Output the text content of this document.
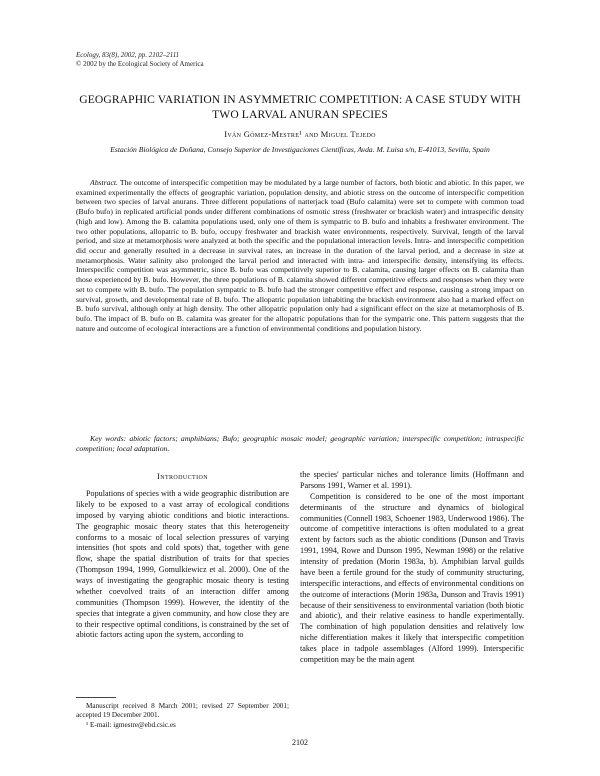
Ecology, 83(8), 2002, pp. 2102–2111
© 2002 by the Ecological Society of America
GEOGRAPHIC VARIATION IN ASYMMETRIC COMPETITION: A CASE STUDY WITH TWO LARVAL ANURAN SPECIES
Iván Gómez-Mestre¹ and Miguel Tejedo
Estación Biológica de Doñana, Consejo Superior de Investigaciones Científicas, Avda. M. Luisa s/n, E-41013, Sevilla, Spain
Abstract. The outcome of interspecific competition may be modulated by a large number of factors, both biotic and abiotic. In this paper, we examined experimentally the effects of geographic variation, population density, and abiotic stress on the outcome of interspecific competition between two species of larval anurans. Three different populations of natterjack toad (Bufo calamita) were set to compete with common toad (Bufo bufo) in replicated artificial ponds under different combinations of osmotic stress (freshwater or brackish water) and intraspecific density (high and low). Among the B. calamita populations used, only one of them is sympatric to B. bufo and inhabits a freshwater environment. The two other populations, allopatric to B. bufo, occupy freshwater and brackish water environments, respectively. Survival, length of the larval period, and size at metamorphosis were analyzed at both the specific and the populational interaction levels. Intra- and interspecific competition did occur and generally resulted in a decrease in survival rates, an increase in the duration of the larval period, and a decrease in size at metamorphosis. Water salinity also prolonged the larval period and interacted with intra- and interspecific density, intensifying its effects. Interspecific competition was asymmetric, since B. bufo was competitively superior to B. calamita, causing larger effects on B. calamita than those experienced by B. bufo. However, the three populations of B. calamita showed different competitive effects and responses when they were set to compete with B. bufo. The population sympatric to B. bufo had the stronger competitive effect and response, causing a strong impact on survival, growth, and developmental rate of B. bufo. The allopatric population inhabiting the brackish environment also had a marked effect on B. bufo survival, although only at high density. The other allopatric population only had a significant effect on the size at metamorphosis of B. bufo. The impact of B. bufo on B. calamita was greater for the allopatric populations than for the sympatric one. This pattern suggests that the nature and outcome of ecological interactions are a function of environmental conditions and population history.
Key words: abiotic factors; amphibians; Bufo; geographic mosaic model; geographic variation; interspecific competition; intraspecific competition; local adaptation.
Introduction
Populations of species with a wide geographic distribution are likely to be exposed to a vast array of ecological conditions imposed by varying abiotic conditions and biotic interactions. The geographic mosaic theory states that this heterogeneity conforms to a mosaic of local selection pressures of varying intensities (hot spots and cold spots) that, together with gene flow, shape the spatial distribution of traits for that species (Thompson 1994, 1999, Gomulkiewicz et al. 2000). One of the ways of investigating the geographic mosaic theory is testing whether coevolved traits of an interaction differ among communities (Thompson 1999). However, the identity of the species that integrate a given community, and how close they are to their respective optimal conditions, is constrained by the set of abiotic factors acting upon the system, according to

the species' particular niches and tolerance limits (Hoffmann and Parsons 1991, Warner et al. 1991).

Competition is considered to be one of the most important determinants of the structure and dynamics of biological communities (Connell 1983, Schoener 1983, Underwood 1986). The outcome of competitive interactions is often modulated to a great extent by factors such as the abiotic conditions (Dunson and Travis 1991, 1994, Rowe and Dunson 1995, Newman 1998) or the relative intensity of predation (Morin 1983a, b). Amphibian larval guilds have been a fertile ground for the study of community structuring, interspecific interactions, and effects of environmental conditions on the outcome of interactions (Morin 1983a, Dunson and Travis 1991) because of their sensitiveness to environmental variation (both biotic and abiotic), and their relative easiness to handle experimentally. The combination of high population densities and relatively low niche differentiation makes it likely that interspecific competition takes place in tadpole assemblages (Alford 1999). Interspecific competition may be the main agent

Manuscript received 8 March 2001; revised 27 September 2001; accepted 19 December 2001.

¹ E-mail: igmestre@ebd.csic.es

2102
